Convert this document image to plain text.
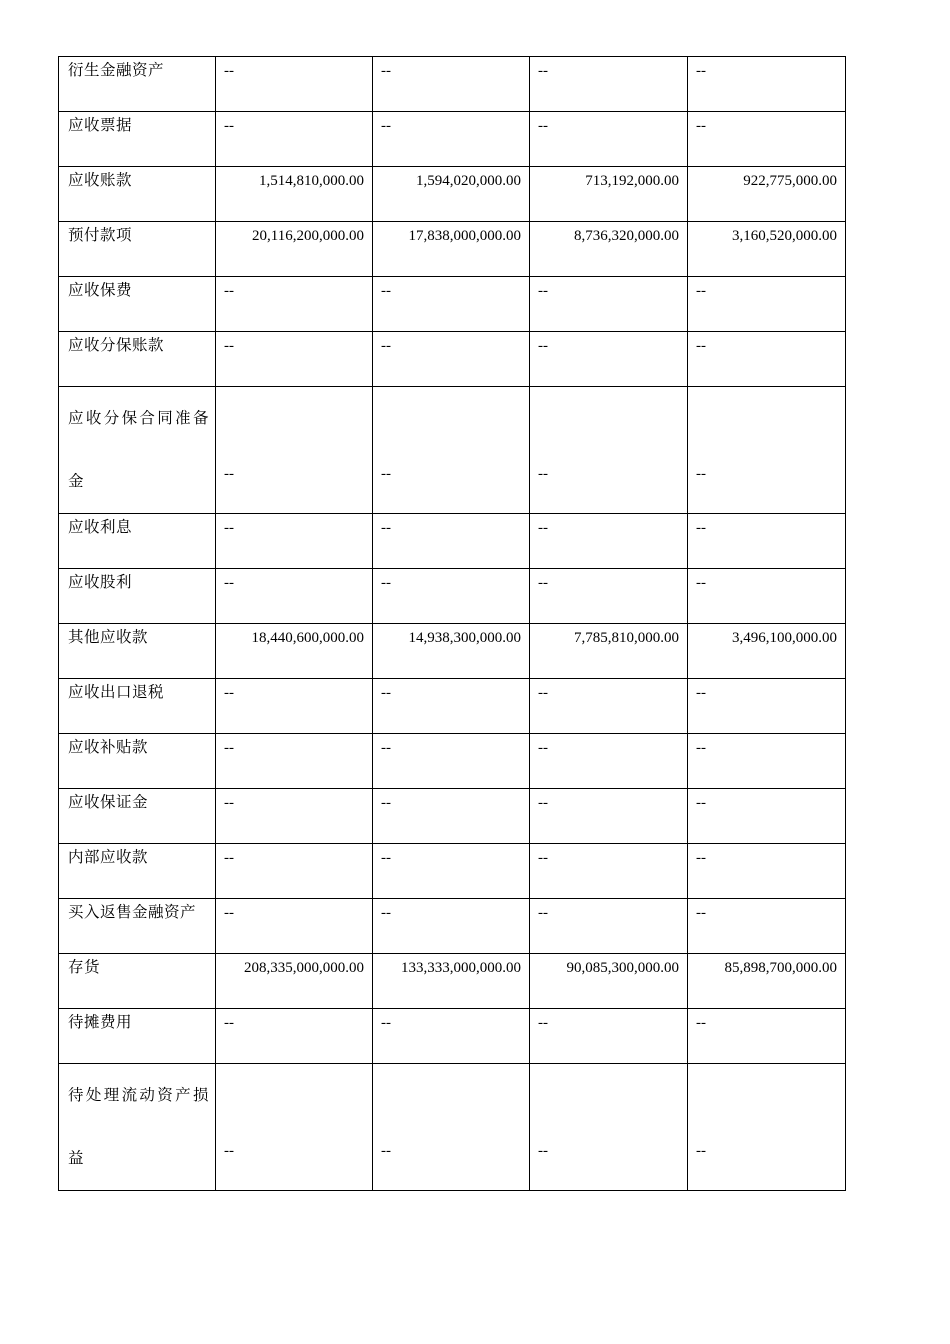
衍生金融资产	--	--	--	--
应收票据	--	--	--	--
应收账款	1,514,810,000.00	1,594,020,000.00	713,192,000.00	922,775,000.00
预付款项	20,116,200,000.00	17,838,000,000.00	8,736,320,000.00	3,160,520,000.00
应收保费	--	--	--	--
应收分保账款	--	--	--	--
应收分保合同准备金	--	--	--	--
应收利息	--	--	--	--
应收股利	--	--	--	--
其他应收款	18,440,600,000.00	14,938,300,000.00	7,785,810,000.00	3,496,100,000.00
应收出口退税	--	--	--	--
应收补贴款	--	--	--	--
应收保证金	--	--	--	--
内部应收款	--	--	--	--
买入返售金融资产	--	--	--	--
存货	208,335,000,000.00	133,333,000,000.00	90,085,300,000.00	85,898,700,000.00
待摊费用	--	--	--	--
待处理流动资产损益	--	--	--	--
